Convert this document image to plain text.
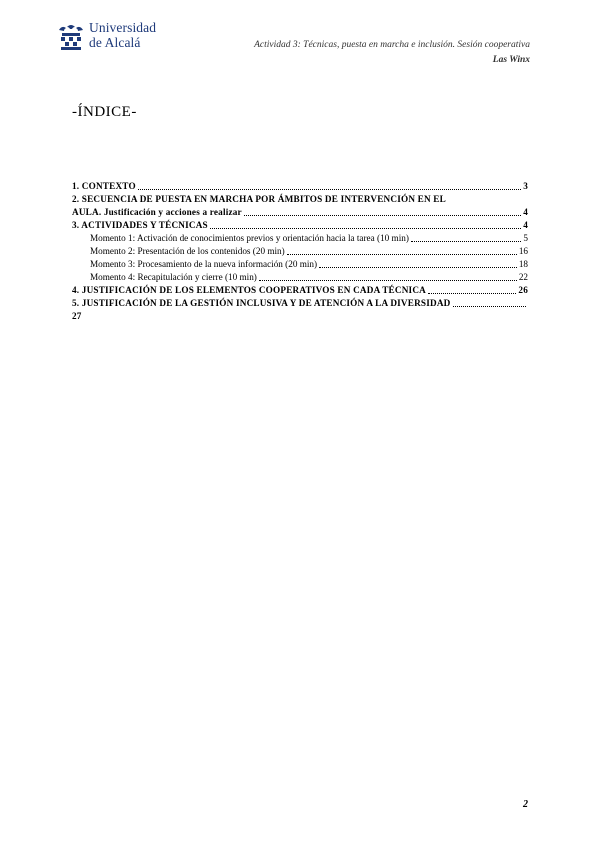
Universidad
de Alcalá	Actividad 3: Técnicas, puesta en marcha e inclusión. Sesión cooperativa
Las Winx
-ÍNDICE-
1. CONTEXTO	3
2. SECUENCIA DE PUESTA EN MARCHA POR ÁMBITOS DE INTERVENCIÓN EN EL
AULA. Justificación y acciones a realizar	4
3. ACTIVIDADES Y TÉCNICAS	4
Momento 1: Activación de conocimientos previos y orientación hacia la tarea (10 min)	5
Momento 2: Presentación de los contenidos (20 min)	16
Momento 3: Procesamiento de la nueva información (20 min)	18
Momento 4: Recapitulación y cierre (10 min)	22
4. JUSTIFICACIÓN DE LOS ELEMENTOS COOPERATIVOS EN CADA TÉCNICA	26
5. JUSTIFICACIÓN DE LA GESTIÓN INCLUSIVA Y DE ATENCIÓN A LA DIVERSIDAD
27
2
